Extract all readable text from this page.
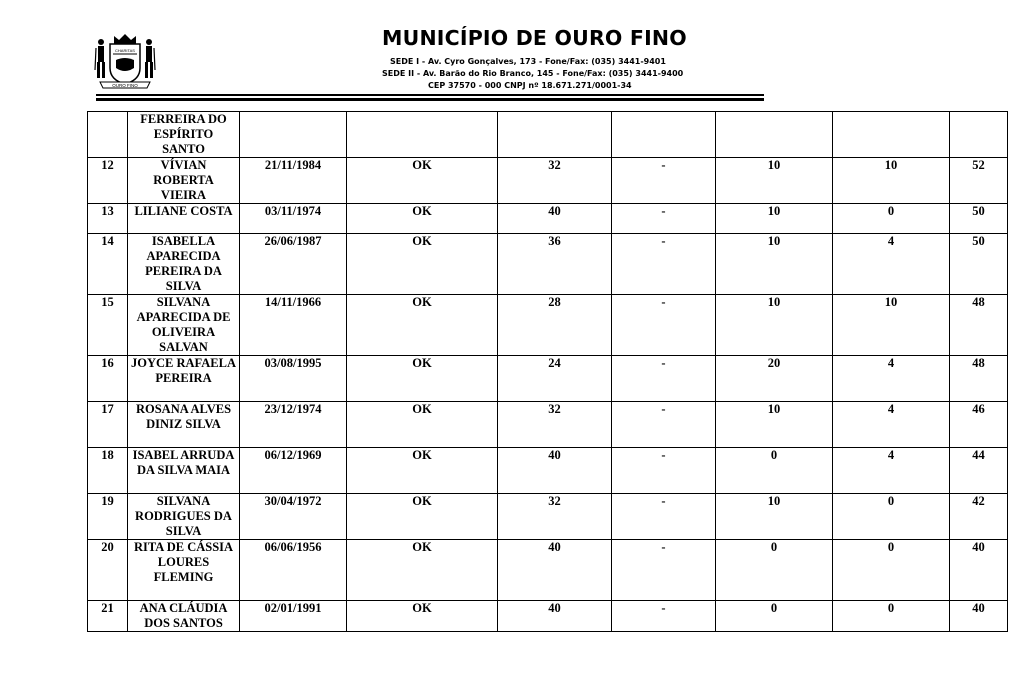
OURO FINO
CHARITAS
MUNICÍPIO DE OURO FINO
SEDE I - Av. Cyro Gonçalves, 173 - Fone/Fax: (035) 3441-9401
SEDE II - Av. Barão do Rio Branco, 145 - Fone/Fax: (035) 3441-9400
CEP 37570 - 000 CNPJ nº 18.671.271/0001-34
	FERREIRA DO ESPÍRITO SANTO							
12	VÍVIAN ROBERTA VIEIRA	21/11/1984	OK	32	-	10	10	52
13	LILIANE COSTA	03/11/1974	OK	40	-	10	0	50
14	ISABELLA APARECIDA PEREIRA DA SILVA	26/06/1987	OK	36	-	10	4	50
15	SILVANA APARECIDA DE OLIVEIRA SALVAN	14/11/1966	OK	28	-	10	10	48
16	JOYCE RAFAELA PEREIRA	03/08/1995	OK	24	-	20	4	48
17	ROSANA ALVES DINIZ SILVA	23/12/1974	OK	32	-	10	4	46
18	ISABEL ARRUDA DA SILVA MAIA	06/12/1969	OK	40	-	0	4	44
19	SILVANA RODRIGUES DA SILVA	30/04/1972	OK	32	-	10	0	42
20	RITA DE CÁSSIA LOURES FLEMING	06/06/1956	OK	40	-	0	0	40
21	ANA CLÁUDIA DOS SANTOS	02/01/1991	OK	40	-	0	0	40
